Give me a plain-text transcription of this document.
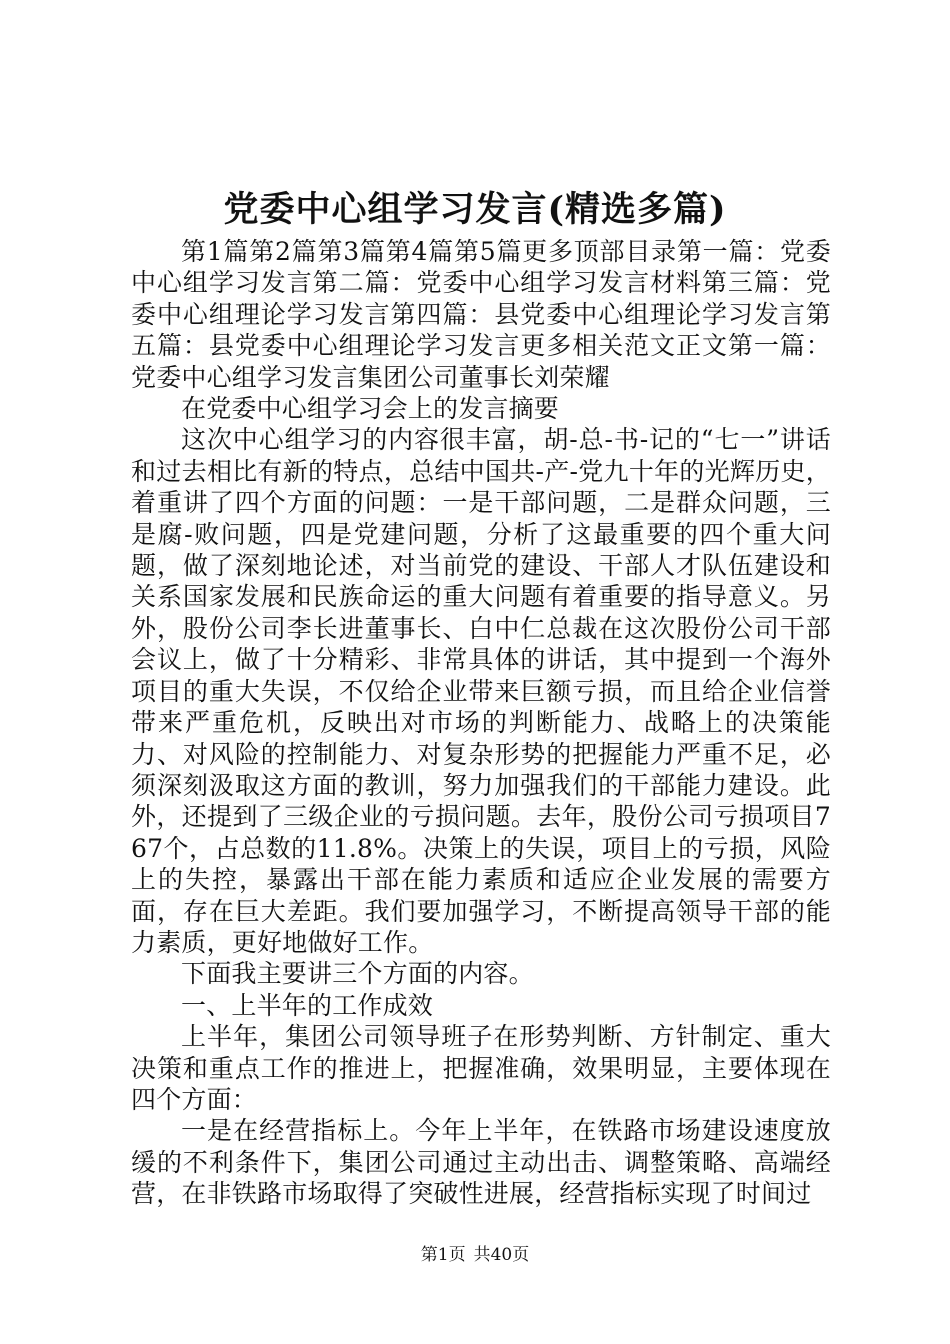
党委中心组学习发言(精选多篇)

第1篇第2篇第3篇第4篇第5篇更多顶部目录第一篇：党委中心组学习发言第二篇：党委中心组学习发言材料第三篇：党委中心组理论学习发言第四篇：县党委中心组理论学习发言第五篇：县党委中心组理论学习发言更多相关范文正文第一篇：党委中心组学习发言集团公司董事长刘荣耀

在党委中心组学习会上的发言摘要

这次中心组学习的内容很丰富，胡-总-书-记的“七一”讲话和过去相比有新的特点，总结中国共-产-党九十年的光辉历史，着重讲了四个方面的问题：一是干部问题，二是群众问题，三是腐-败问题，四是党建问题，分析了这最重要的四个重大问题，做了深刻地论述，对当前党的建设、干部人才队伍建设和关系国家发展和民族命运的重大问题有着重要的指导意义。另外，股份公司李长进董事长、白中仁总裁在这次股份公司干部会议上，做了十分精彩、非常具体的讲话，其中提到一个海外项目的重大失误，不仅给企业带来巨额亏损，而且给企业信誉带来严重危机，反映出对市场的判断能力、战略上的决策能力、对风险的控制能力、对复杂形势的把握能力严重不足，必须深刻汲取这方面的教训，努力加强我们的干部能力建设。此外，还提到了三级企业的亏损问题。去年，股份公司亏损项目767个，占总数的11.8%。决策上的失误，项目上的亏损，风险上的失控，暴露出干部在能力素质和适应企业发展的需要方面，存在巨大差距。我们要加强学习，不断提高领导干部的能力素质，更好地做好工作。

下面我主要讲三个方面的内容。

一、上半年的工作成效

上半年，集团公司领导班子在形势判断、方针制定、重大决策和重点工作的推进上，把握准确，效果明显，主要体现在四个方面：

一是在经营指标上。今年上半年，在铁路市场建设速度放缓的不利条件下，集团公司通过主动出击、调整策略、高端经营，在非铁路市场取得了突破性进展，经营指标实现了时间过

第1页 共40页
